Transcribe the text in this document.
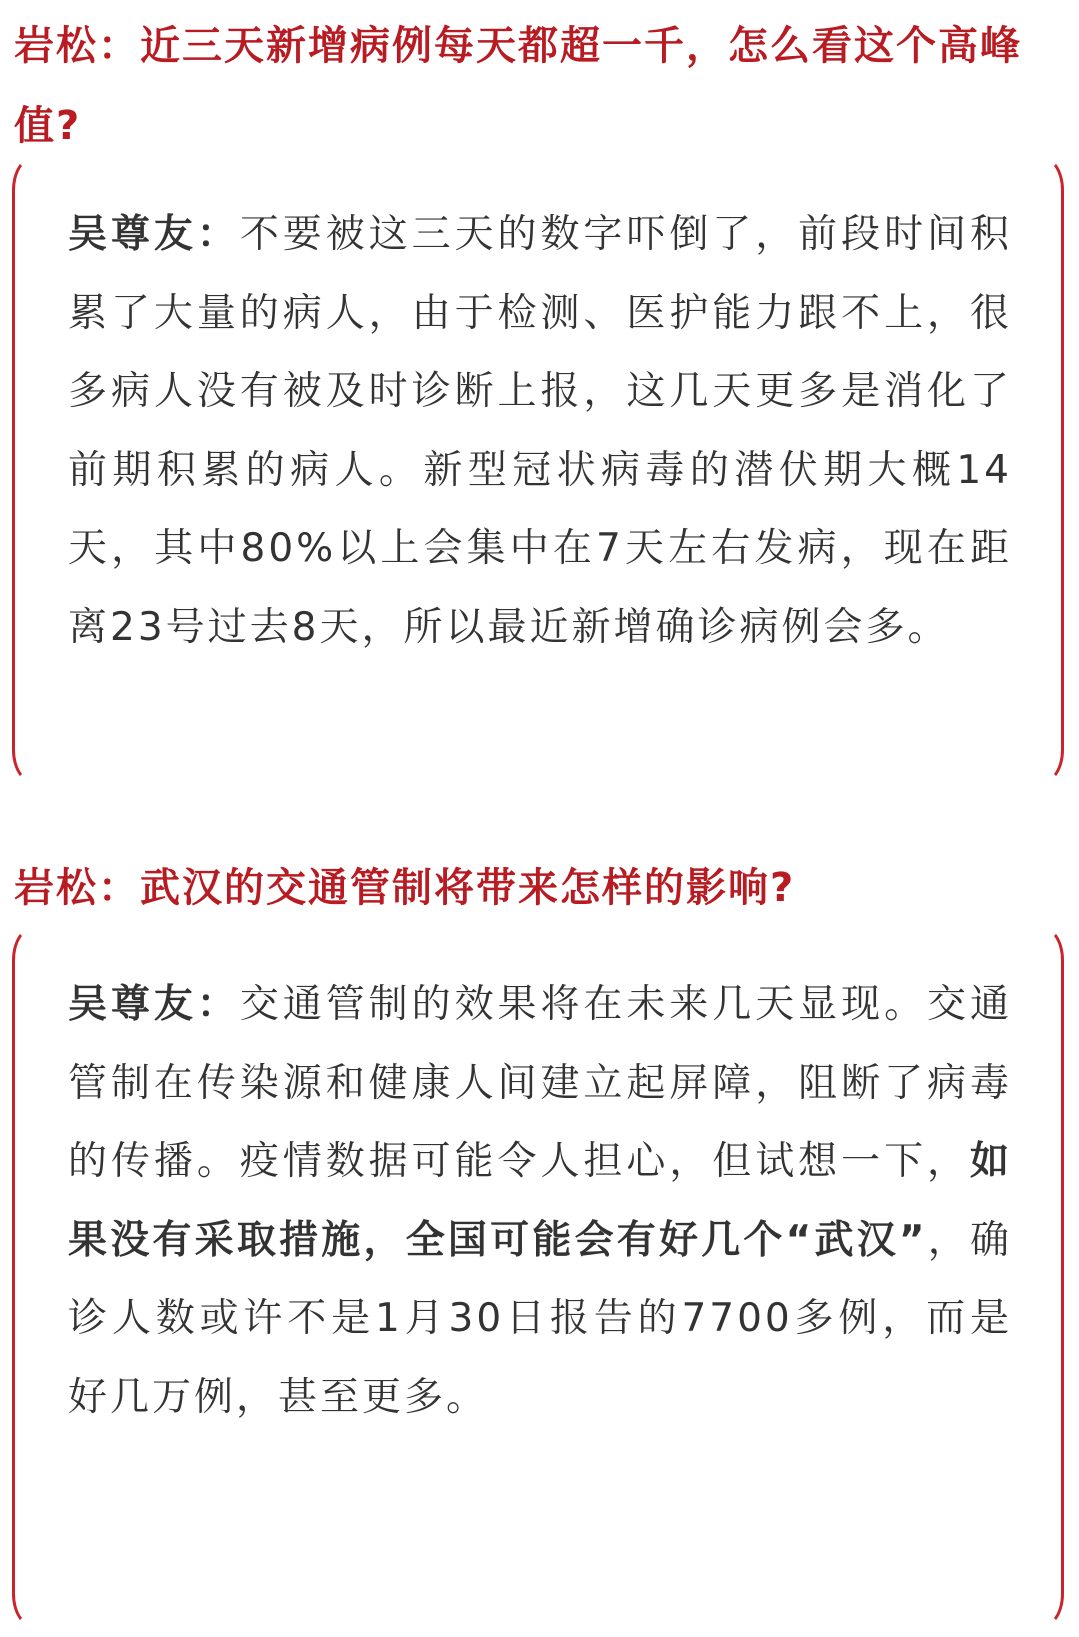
岩松：近三天新增病例每天都超一千，怎么看这个高峰值?
吴尊友：不要被这三天的数字吓倒了，前段时间积累了大量的病人，由于检测、医护能力跟不上，很多病人没有被及时诊断上报，这几天更多是消化了前期积累的病人。新型冠状病毒的潜伏期大概14天，其中80%以上会集中在7天左右发病，现在距离23号过去8天，所以最近新增确诊病例会多。
岩松：武汉的交通管制将带来怎样的影响?
吴尊友：交通管制的效果将在未来几天显现。交通管制在传染源和健康人间建立起屏障，阻断了病毒的传播。疫情数据可能令人担心，但试想一下，如果没有采取措施，全国可能会有好几个“武汉”，确诊人数或许不是1月30日报告的7700多例，而是好几万例，甚至更多。
